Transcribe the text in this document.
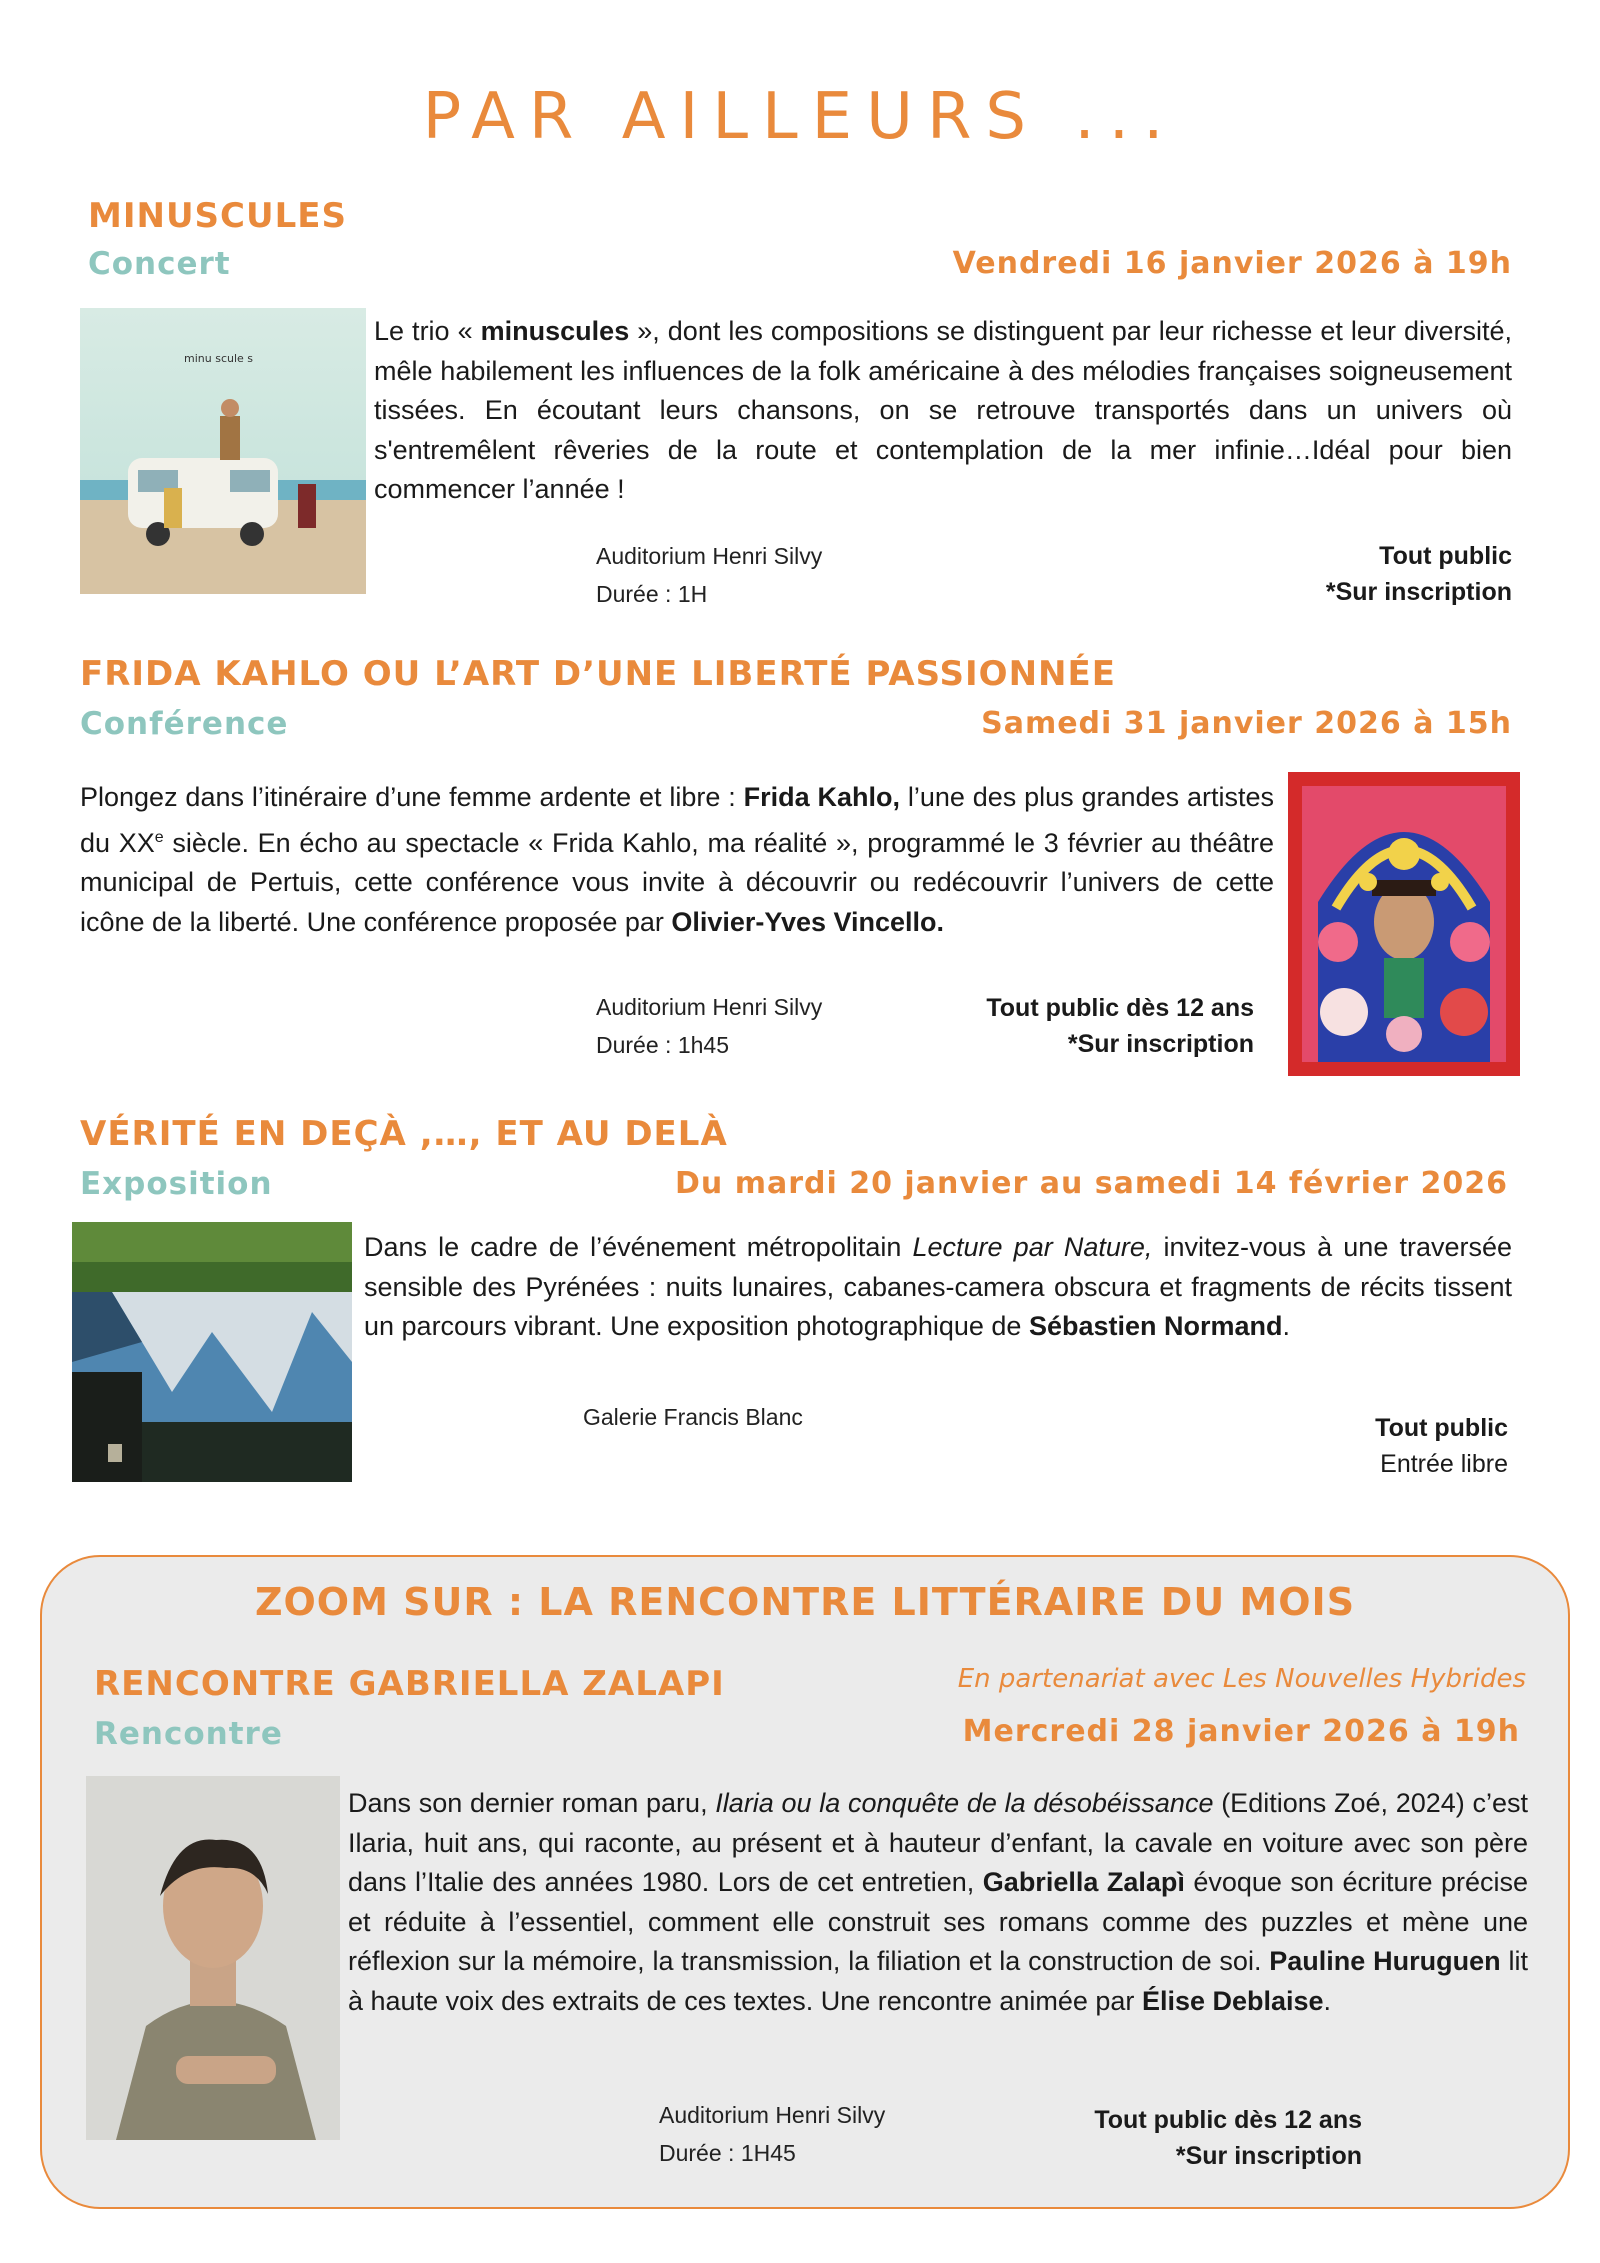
PAR AILLEURS ...
MINUSCULES
Concert	Vendredi 16 janvier 2026 à 19h
minu scule s

Le trio « minuscules », dont les compositions se distinguent par leur richesse et leur diversité, mêle habilement les influences de la folk américaine à des mélodies françaises soigneusement tissées. En écoutant leurs chansons, on se retrouve transportés dans un univers où s'entremêlent rêveries de la route et contemplation de la mer infinie…Idéal pour bien commencer l’année !

Auditorium Henri Silvy
Durée : 1H
Tout public
*Sur inscription
FRIDA KAHLO OU L’ART D’UNE LIBERTÉ PASSIONNÉE
Conférence	Samedi 31 janvier 2026 à 15h

Plongez dans l’itinéraire d’une femme ardente et libre : Frida Kahlo, l’une des plus grandes artistes du XXe siècle. En écho au spectacle « Frida Kahlo, ma réalité », programmé le 3 février au théâtre municipal de Pertuis, cette conférence vous invite à découvrir ou redécouvrir l’univers de cette icône de la liberté. Une conférence proposée par Olivier-Yves Vincello.

Auditorium Henri Silvy
Durée : 1h45
Tout public dès 12 ans
*Sur inscription
VÉRITÉ EN DEÇÀ ,…, ET AU DELÀ
Exposition	Du mardi 20 janvier au samedi 14 février 2026

Dans le cadre de l’événement métropolitain Lecture par Nature, invitez-vous à une traversée sensible des Pyrénées : nuits lunaires, cabanes-camera obscura et fragments de récits tissent un parcours vibrant. Une exposition photographique de Sébastien Normand.

Galerie Francis Blanc	Tout public
Entrée libre
ZOOM SUR : LA RENCONTRE LITTÉRAIRE DU MOIS
RENCONTRE GABRIELLA ZALAPI
Rencontre
En partenariat avec Les Nouvelles Hybrides
Mercredi 28 janvier 2026 à 19h

Dans son dernier roman paru, Ilaria ou la conquête de la désobéissance (Editions Zoé, 2024) c’est Ilaria, huit ans, qui raconte, au présent et à hauteur d’enfant, la cavale en voiture avec son père dans l’Italie des années 1980. Lors de cet entretien, Gabriella Zalapì évoque son écriture précise et réduite à l’essentiel, comment elle construit ses romans comme des puzzles et mène une réflexion sur la mémoire, la transmission, la filiation et la construction de soi. Pauline Huruguen lit à haute voix des extraits de ces textes. Une rencontre animée par Élise Deblaise.

Auditorium Henri Silvy
Durée : 1H45
Tout public dès 12 ans
*Sur inscription
